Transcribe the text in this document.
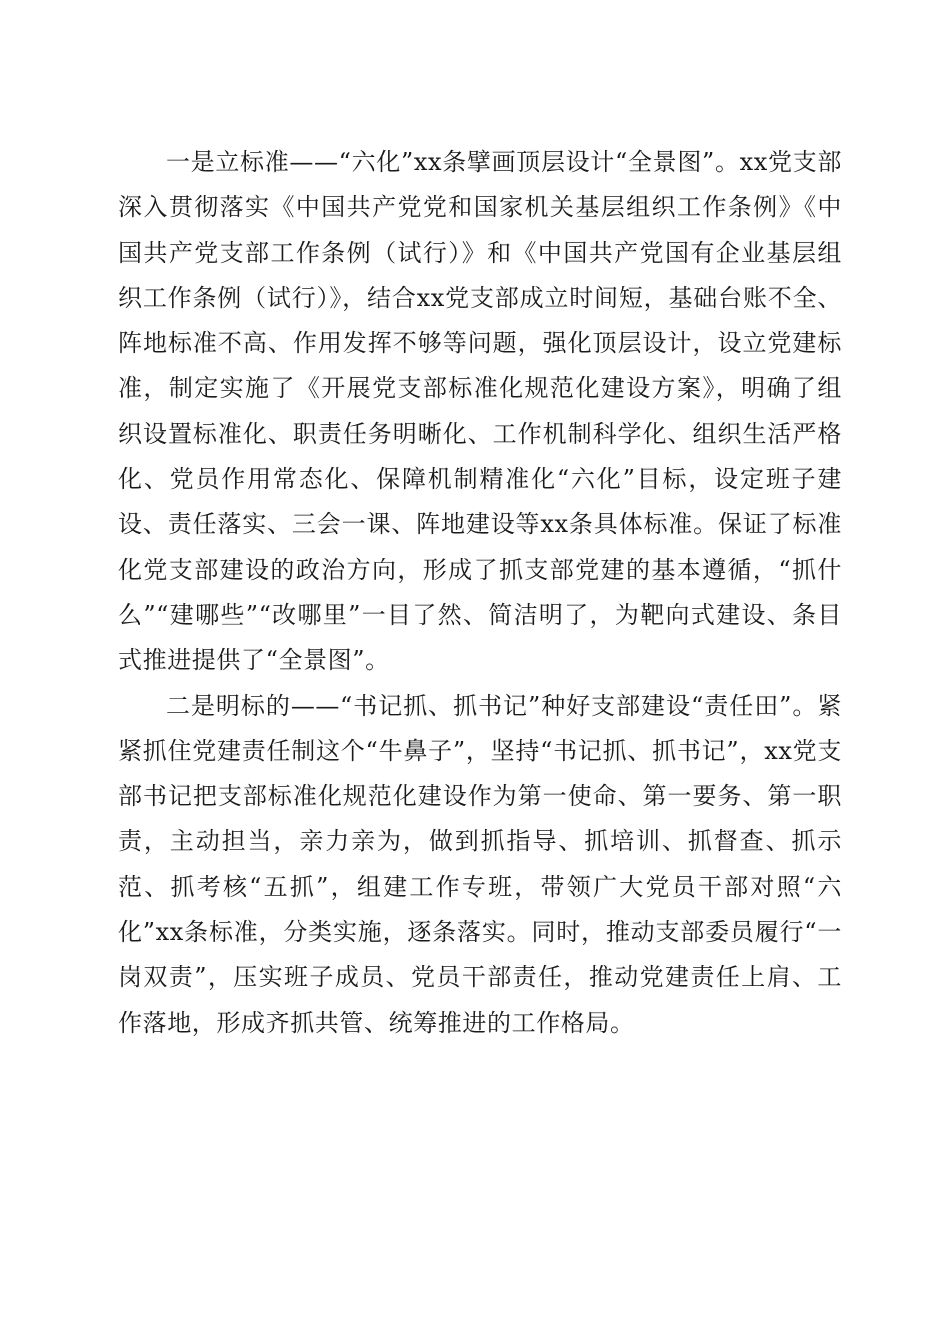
一是立标准——“六化”xx条擘画顶层设计“全景图”。xx党支部深入贯彻落实《中国共产党党和国家机关基层组织工作条例》《中国共产党支部工作条例（试行）》和《中国共产党国有企业基层组织工作条例（试行）》，结合xx党支部成立时间短，基础台账不全、阵地标准不高、作用发挥不够等问题，强化顶层设计，设立党建标准，制定实施了《开展党支部标准化规范化建设方案》，明确了组织设置标准化、职责任务明晰化、工作机制科学化、组织生活严格化、党员作用常态化、保障机制精准化“六化”目标，设定班子建设、责任落实、三会一课、阵地建设等xx条具体标准。保证了标准化党支部建设的政治方向，形成了抓支部党建的基本遵循，“抓什么”“建哪些”“改哪里”一目了然、简洁明了，为靶向式建设、条目式推进提供了“全景图”。

二是明标的——“书记抓、抓书记”种好支部建设“责任田”。紧紧抓住党建责任制这个“牛鼻子”，坚持“书记抓、抓书记”，xx党支部书记把支部标准化规范化建设作为第一使命、第一要务、第一职责，主动担当，亲力亲为，做到抓指导、抓培训、抓督查、抓示范、抓考核“五抓”，组建工作专班，带领广大党员干部对照“六化”xx条标准，分类实施，逐条落实。同时，推动支部委员履行“一岗双责”，压实班子成员、党员干部责任，推动党建责任上肩、工作落地，形成齐抓共管、统筹推进的工作格局。
